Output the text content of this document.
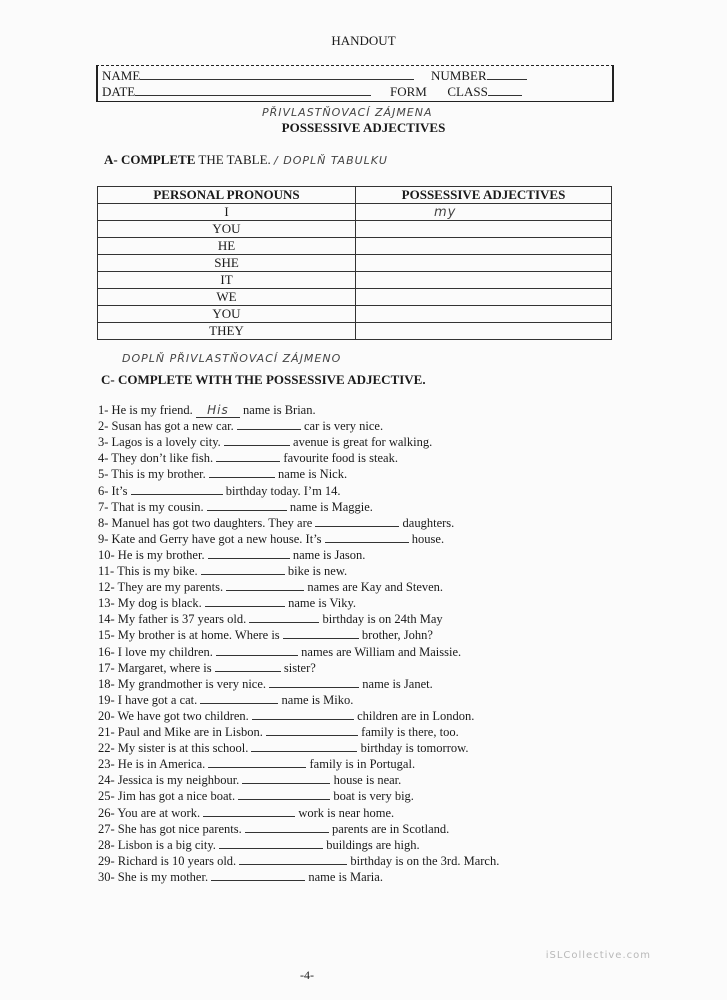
HANDOUT
NAME	NUMBER
DATE	FORM CLASS
PŘIVLASTŇOVACÍ ZÁJMENA
POSSESSIVE ADJECTIVES
A- COMPLETE THE TABLE. / DOPLŇ TABULKU
PERSONAL PRONOUNS	POSSESSIVE ADJECTIVES
I	my
YOU	
HE	
SHE	
IT	
WE	
YOU	
THEY	
DOPLŇ PŘIVLASTŇOVACÍ ZÁJMENO
C- COMPLETE WITH THE POSSESSIVE ADJECTIVE.
1- He is my friend. His name is Brian.
2- Susan has got a new car.	car is very nice.
3- Lagos is a lovely city.	avenue is great for walking.
4- They don’t like fish.	favourite food is steak.
5- This is my brother.	name is Nick.
6- It’s	birthday today. I’m 14.
7- That is my cousin.	name is Maggie.
8- Manuel has got two daughters. They are	daughters.
9- Kate and Gerry have got a new house. It’s	house.
10- He is my brother.	name is Jason.
11- This is my bike.	bike is new.
12- They are my parents.	names are Kay and Steven.
13- My dog is black.	name is Viky.
14- My father is 37 years old.	birthday is on 24th May
15- My brother is at home. Where is	brother, John?
16- I love my children.	names are William and Maissie.
17- Margaret, where is	sister?
18- My grandmother is very nice.	name is Janet.
19- I have got a cat.	name is Miko.
20- We have got two children.	children are in London.
21- Paul and Mike are in Lisbon.	family is there, too.
22- My sister is at this school.	birthday is tomorrow.
23- He is in America.	family is in Portugal.
24- Jessica is my neighbour.	house is near.
25- Jim has got a nice boat.	boat is very big.
26- You are at work.	work is near home.
27- She has got nice parents.	parents are in Scotland.
28- Lisbon is a big city.	buildings are high.
29- Richard is 10 years old.	birthday is on the 3rd. March.
30- She is my mother.	name is Maria.
iSLCollective.com
-4-
